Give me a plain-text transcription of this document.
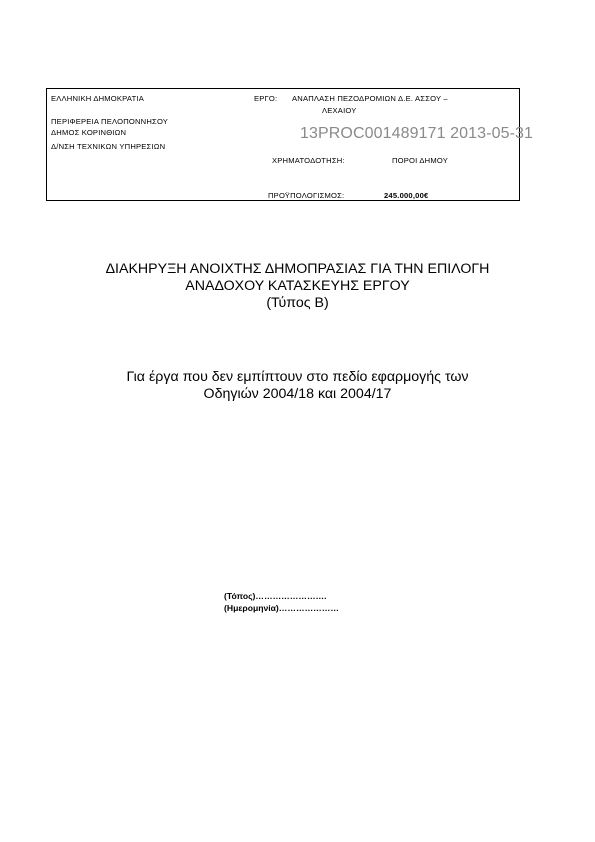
ΕΛΛΗΝΙΚΗ ΔΗΜΟΚΡΑΤΙΑ
ΠΕΡΙΦΕΡΕΙΑ ΠΕΛΟΠΟΝΝΗΣΟΥ
ΔΗΜΟΣ ΚΟΡΙΝΘΙΩΝ
Δ/ΝΣΗ ΤΕΧΝΙΚΩΝ ΥΠΗΡΕΣΙΩΝ
ΕΡΓΟ: ΑΝΑΠΛΑΣΗ ΠΕΖΟΔΡΟΜΙΩΝ Δ.Ε. ΑΣΣΟΥ –
ΛΕΧΑΙΟΥ
13PROC001489171 2013-05-31
ΧΡΗΜΑΤΟΔΟΤΗΣΗ:	ΠΟΡΟΙ ΔΗΜΟΥ
ΠΡΟΫΠΟΛΟΓΙΣΜΟΣ:	245.000,00€
ΔΙΑΚΗΡΥΞΗ ΑΝΟΙΧΤΗΣ ΔΗΜΟΠΡΑΣΙΑΣ ΓΙΑ ΤΗΝ ΕΠΙΛΟΓΗ
ΑΝΑΔΟΧΟΥ ΚΑΤΑΣΚΕΥΗΣ ΕΡΓΟΥ
(Τύπος Β)
Για έργα που δεν εμπίπτουν στο πεδίο εφαρμογής των
Οδηγιών 2004/18 και 2004/17
(Τόπος)…………………….
(Ημερομηνία)…………………
